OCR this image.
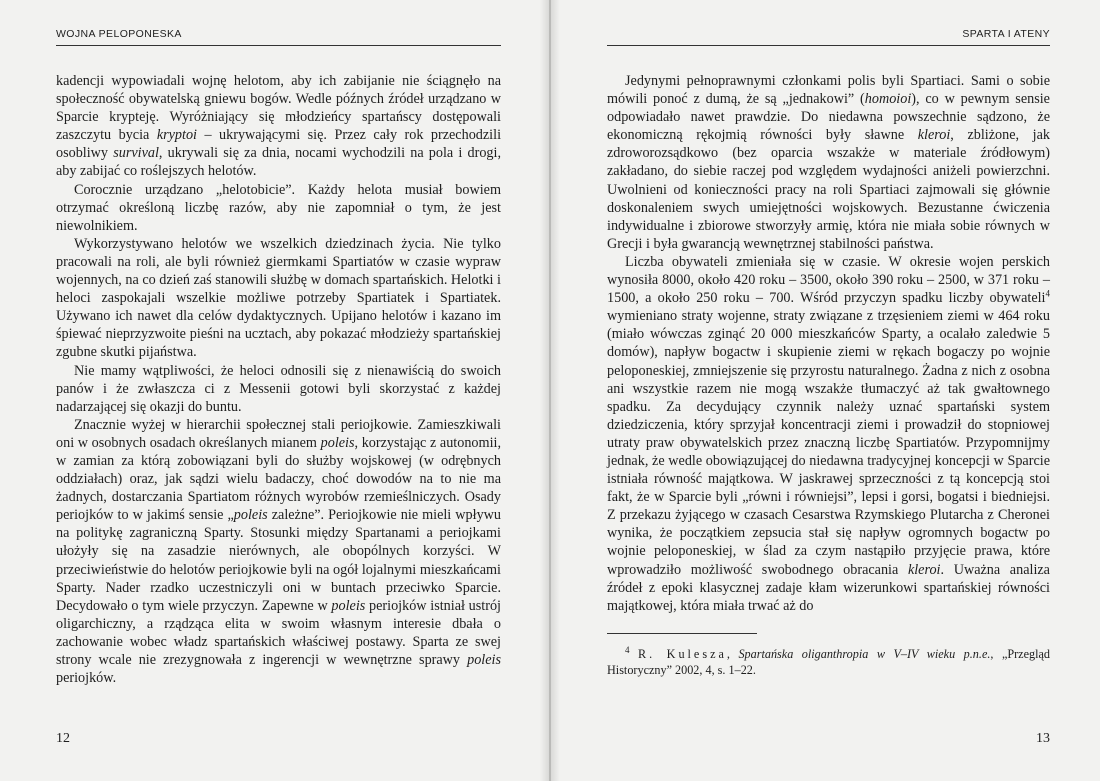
WOJNA PELOPONESKA

kadencji wypowiadali wojnę helotom, aby ich zabijanie nie ściągnęło na społeczność obywatelską gniewu bogów. Wedle późnych źródeł urządzano w Sparcie krypteję. Wyróżniający się młodzieńcy spartańscy dostępowali zaszczytu bycia kryptoi – ukrywającymi się. Przez cały rok przechodzili osobliwy survival, ukrywali się za dnia, nocami wychodzili na pola i drogi, aby zabijać co roślejszych helotów.

Corocznie urządzano „helotobicie”. Każdy helota musiał bowiem otrzymać określoną liczbę razów, aby nie zapomniał o tym, że jest niewolnikiem.

Wykorzystywano helotów we wszelkich dziedzinach życia. Nie tylko pracowali na roli, ale byli również giermkami Spartiatów w czasie wypraw wojennych, na co dzień zaś stanowili służbę w domach spartańskich. Helotki i heloci zaspokajali wszelkie możliwe potrzeby Spartiatek i Spartiatek. Używano ich nawet dla celów dydaktycznych. Upijano helotów i kazano im śpiewać nieprzyzwoite pieśni na ucztach, aby pokazać młodzieży spartańskiej zgubne skutki pijaństwa.

Nie mamy wątpliwości, że heloci odnosili się z nienawiścią do swoich panów i że zwłaszcza ci z Messenii gotowi byli skorzystać z każdej nadarzającej się okazji do buntu.

Znacznie wyżej w hierarchii społecznej stali periojkowie. Zamieszkiwali oni w osobnych osadach określanych mianem poleis, korzystając z autonomii, w zamian za którą zobowiązani byli do służby wojskowej (w odrębnych oddziałach) oraz, jak sądzi wielu badaczy, choć dowodów na to nie ma żadnych, dostarczania Spartiatom różnych wyrobów rzemieślniczych. Osady periojków to w jakimś sensie „poleis zależne”. Periojkowie nie mieli wpływu na politykę zagraniczną Sparty. Stosunki między Spartanami a periojkami ułożyły się na zasadzie nierównych, ale obopólnych korzyści. W przeciwieństwie do helotów periojkowie byli na ogół lojalnymi mieszkańcami Sparty. Nader rzadko uczestniczyli oni w buntach przeciwko Sparcie. Decydowało o tym wiele przyczyn. Zapewne w poleis periojków istniał ustrój oligarchiczny, a rządząca elita w swoim własnym interesie dbała o zachowanie wobec władz spartańskich właściwej postawy. Sparta ze swej strony wcale nie zrezygnowała z ingerencji w wewnętrzne sprawy poleis periojków.

12
SPARTA I ATENY

Jedynymi pełnoprawnymi członkami polis byli Spartiaci. Sami o sobie mówili ponoć z dumą, że są „jednakowi” (homoioi), co w pewnym sensie odpowiadało nawet prawdzie. Do niedawna powszechnie sądzono, że ekonomiczną rękojmią równości były sławne kleroi, zbliżone, jak zdroworozsądkowo (bez oparcia wszakże w materiale źródłowym) zakładano, do siebie raczej pod względem wydajności aniżeli powierzchni. Uwolnieni od konieczności pracy na roli Spartiaci zajmowali się głównie doskonaleniem swych umiejętności wojskowych. Bezustanne ćwiczenia indywidualne i zbiorowe stworzyły armię, która nie miała sobie równych w Grecji i była gwarancją wewnętrznej stabilności państwa.

Liczba obywateli zmieniała się w czasie. W okresie wojen perskich wynosiła 8000, około 420 roku – 3500, około 390 roku – 2500, w 371 roku – 1500, a około 250 roku – 700. Wśród przyczyn spadku liczby obywateli$^4$ wymieniano straty wojenne, straty związane z trzęsieniem ziemi w 464 roku (miało wówczas zginąć 20 000 mieszkańców Sparty, a ocalało zaledwie 5 domów), napływ bogactw i skupienie ziemi w rękach bogaczy po wojnie peloponeskiej, zmniejszenie się przyrostu naturalnego. Żadna z nich z osobna ani wszystkie razem nie mogą wszakże tłumaczyć aż tak gwałtownego spadku. Za decydujący czynnik należy uznać spartański system dziedziczenia, który sprzyjał koncentracji ziemi i prowadził do stopniowej utraty praw obywatelskich przez znaczną liczbę Spartiatów. Przypomnijmy jednak, że wedle obowiązującej do niedawna tradycyjnej koncepcji w Sparcie istniała równość majątkowa. W jaskrawej sprzeczności z tą koncepcją stoi fakt, że w Sparcie byli „równi i równiejsi”, lepsi i gorsi, bogatsi i biedniejsi. Z przekazu żyjącego w czasach Cesarstwa Rzymskiego Plutarcha z Cheronei wynika, że początkiem zepsucia stał się napływ ogromnych bogactw po wojnie peloponeskiej, w ślad za czym nastąpiło przyjęcie prawa, które wprowadziło możliwość swobodnego obracania kleroi. Uważna analiza źródeł z epoki klasycznej zadaje kłam wizerunkowi spartańskiej równości majątkowej, która miała trwać aż do

$^4$ R. Kulesza, Spartańska oliganthropia w V–IV wieku p.n.e., „Przegląd Historyczny” 2002, 4, s. 1–22.

13
